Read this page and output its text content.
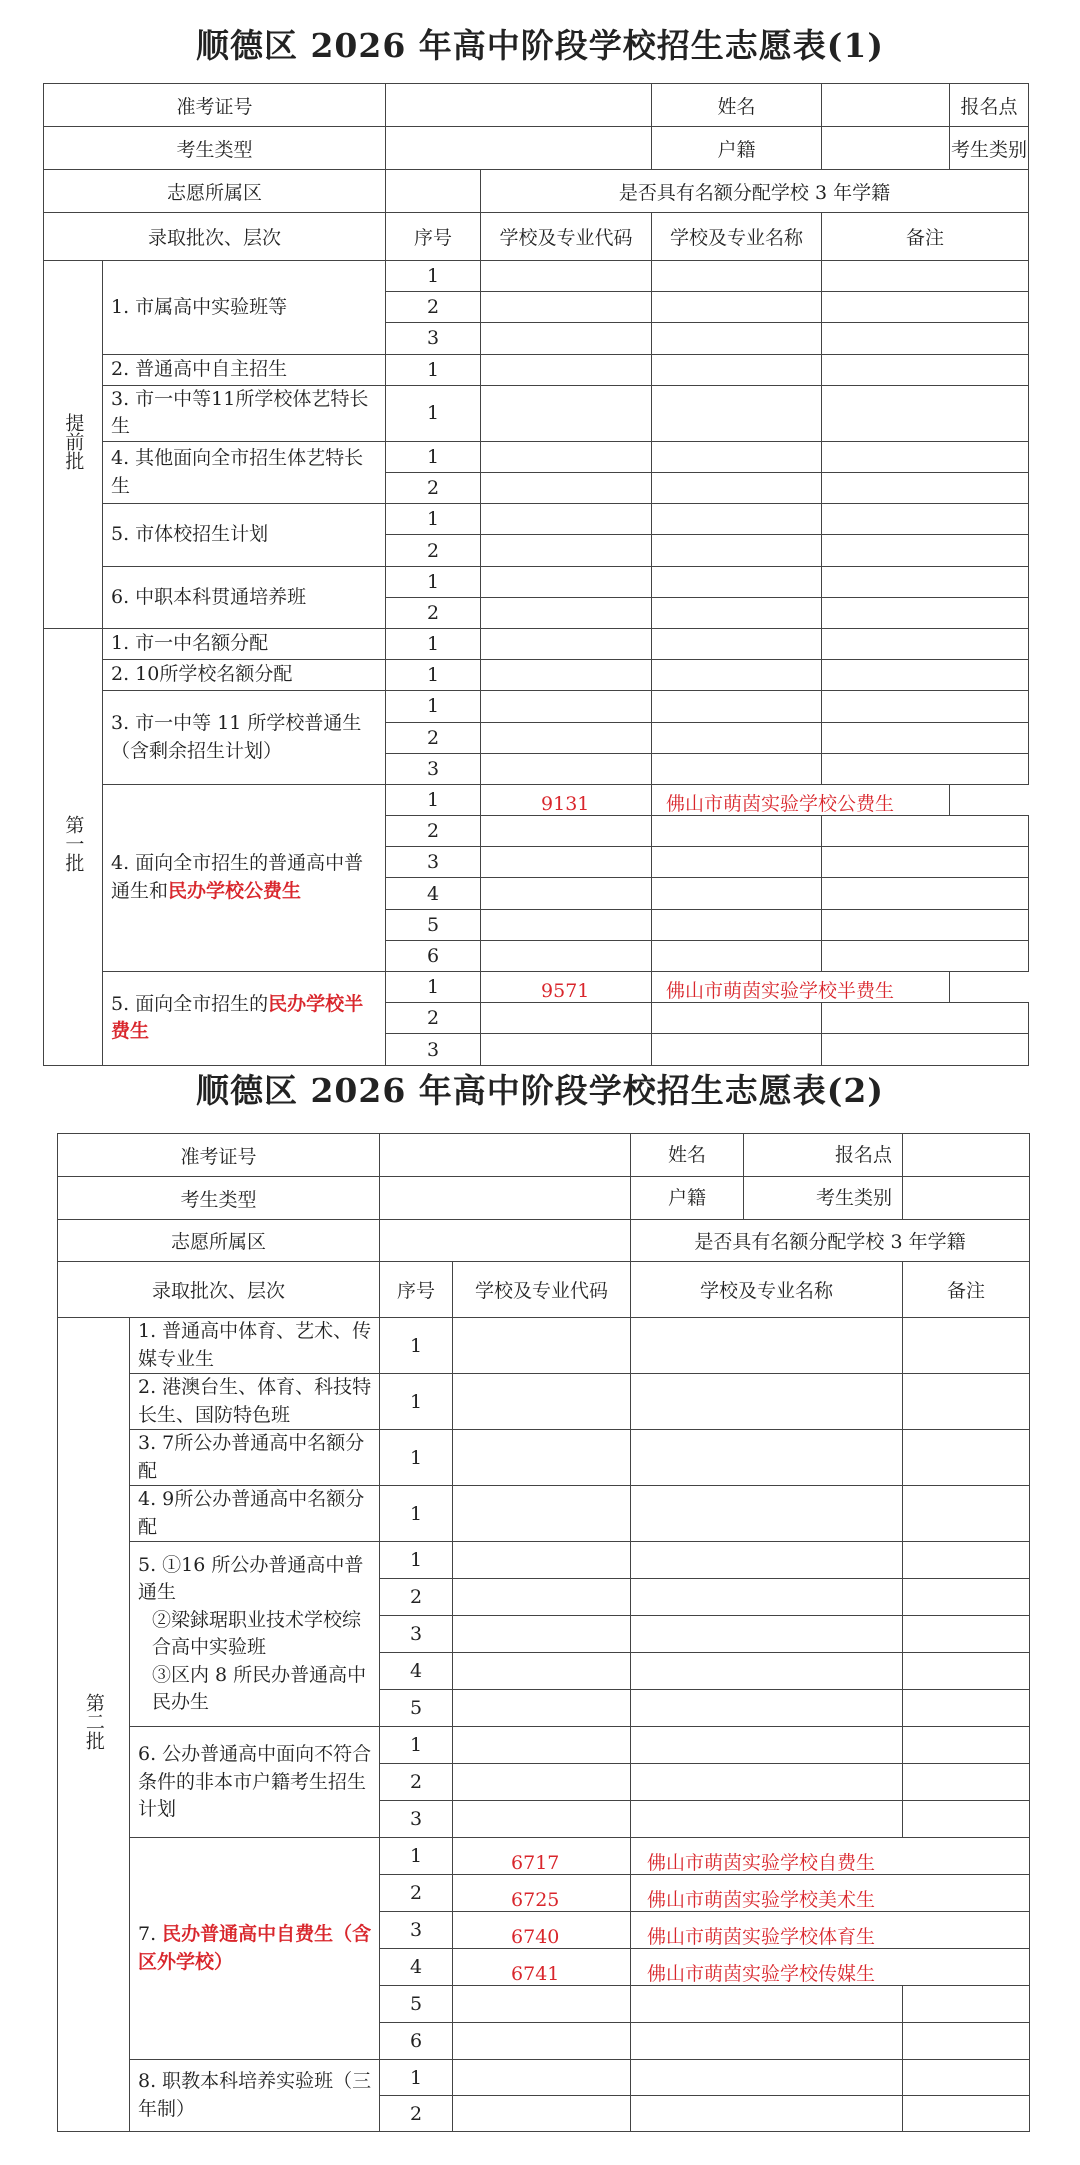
顺德区 2026 年高中阶段学校招生志愿表(1)
准考证号				姓名		报名点
考生类型				户籍		考生类别
志愿所属区			是否具有名额分配学校 3 年学籍			
录取批次、层次		序号	学校及专业代码	学校及专业名称	备注	
提前批	1. 市属高中实验班等	1				
		2				
		3				
	2. 普通高中自主招生	1				
	3. 市一中等11所学校体艺特长生	1				
	4. 其他面向全市招生体艺特长生	1				
		2				
	5. 市体校招生计划	1				
		2				
	6. 中职本科贯通培养班	1				
		2				
第一批	1. 市一中名额分配	1				
	2. 10所学校名额分配	1				
	3. 市一中等 11 所学校普通生（含剩余招生计划）	1				
		2				
		3				
	4. 面向全市招生的普通高中普通生和民办学校公费生	1	9131	佛山市萌茵实验学校公费生		
		2				
		3				
		4				
		5				
		6				
	5. 面向全市招生的民办学校半费生	1	9571	佛山市萌茵实验学校半费生		
		2				
		3				
准考证号				姓名 报名点	

考生类型				户籍 考生类别	

志愿所属区				是否具有名额分配学校 3 年学籍	
录取批次、层次		序号	学校及专业代码	学校及专业名称	备注
第二批	1. 普通高中体育、艺术、传媒专业生	1			

	2. 港澳台生、体育、科技特长生、国防特色班	1			

	3. 7所公办普通高中名额分配	1			

	4. 9所公办普通高中名额分配	1			

	5. ①16 所公办普通高中普通生
②梁銶琚职业技术学校综合高中实验班
③区内 8 所民办普通高中民办生	1			
		2			
		3			
		4			
		5			

	6. 公办普通高中面向不符合条件的非本市户籍考生招生计划	1			
		2			
		3			
	7. 民办普通高中自费生（含区外学校）	1	6717	佛山市萌茵实验学校自费生	
		2	6725	佛山市萌茵实验学校美术生	
		3	6740	佛山市萌茵实验学校体育生	
		4	6741	佛山市萌茵实验学校传媒生	
		5			
		6			

	8. 职教本科培养实验班（三年制）	1			
		2			
顺德区 2026 年高中阶段学校招生志愿表(2)
